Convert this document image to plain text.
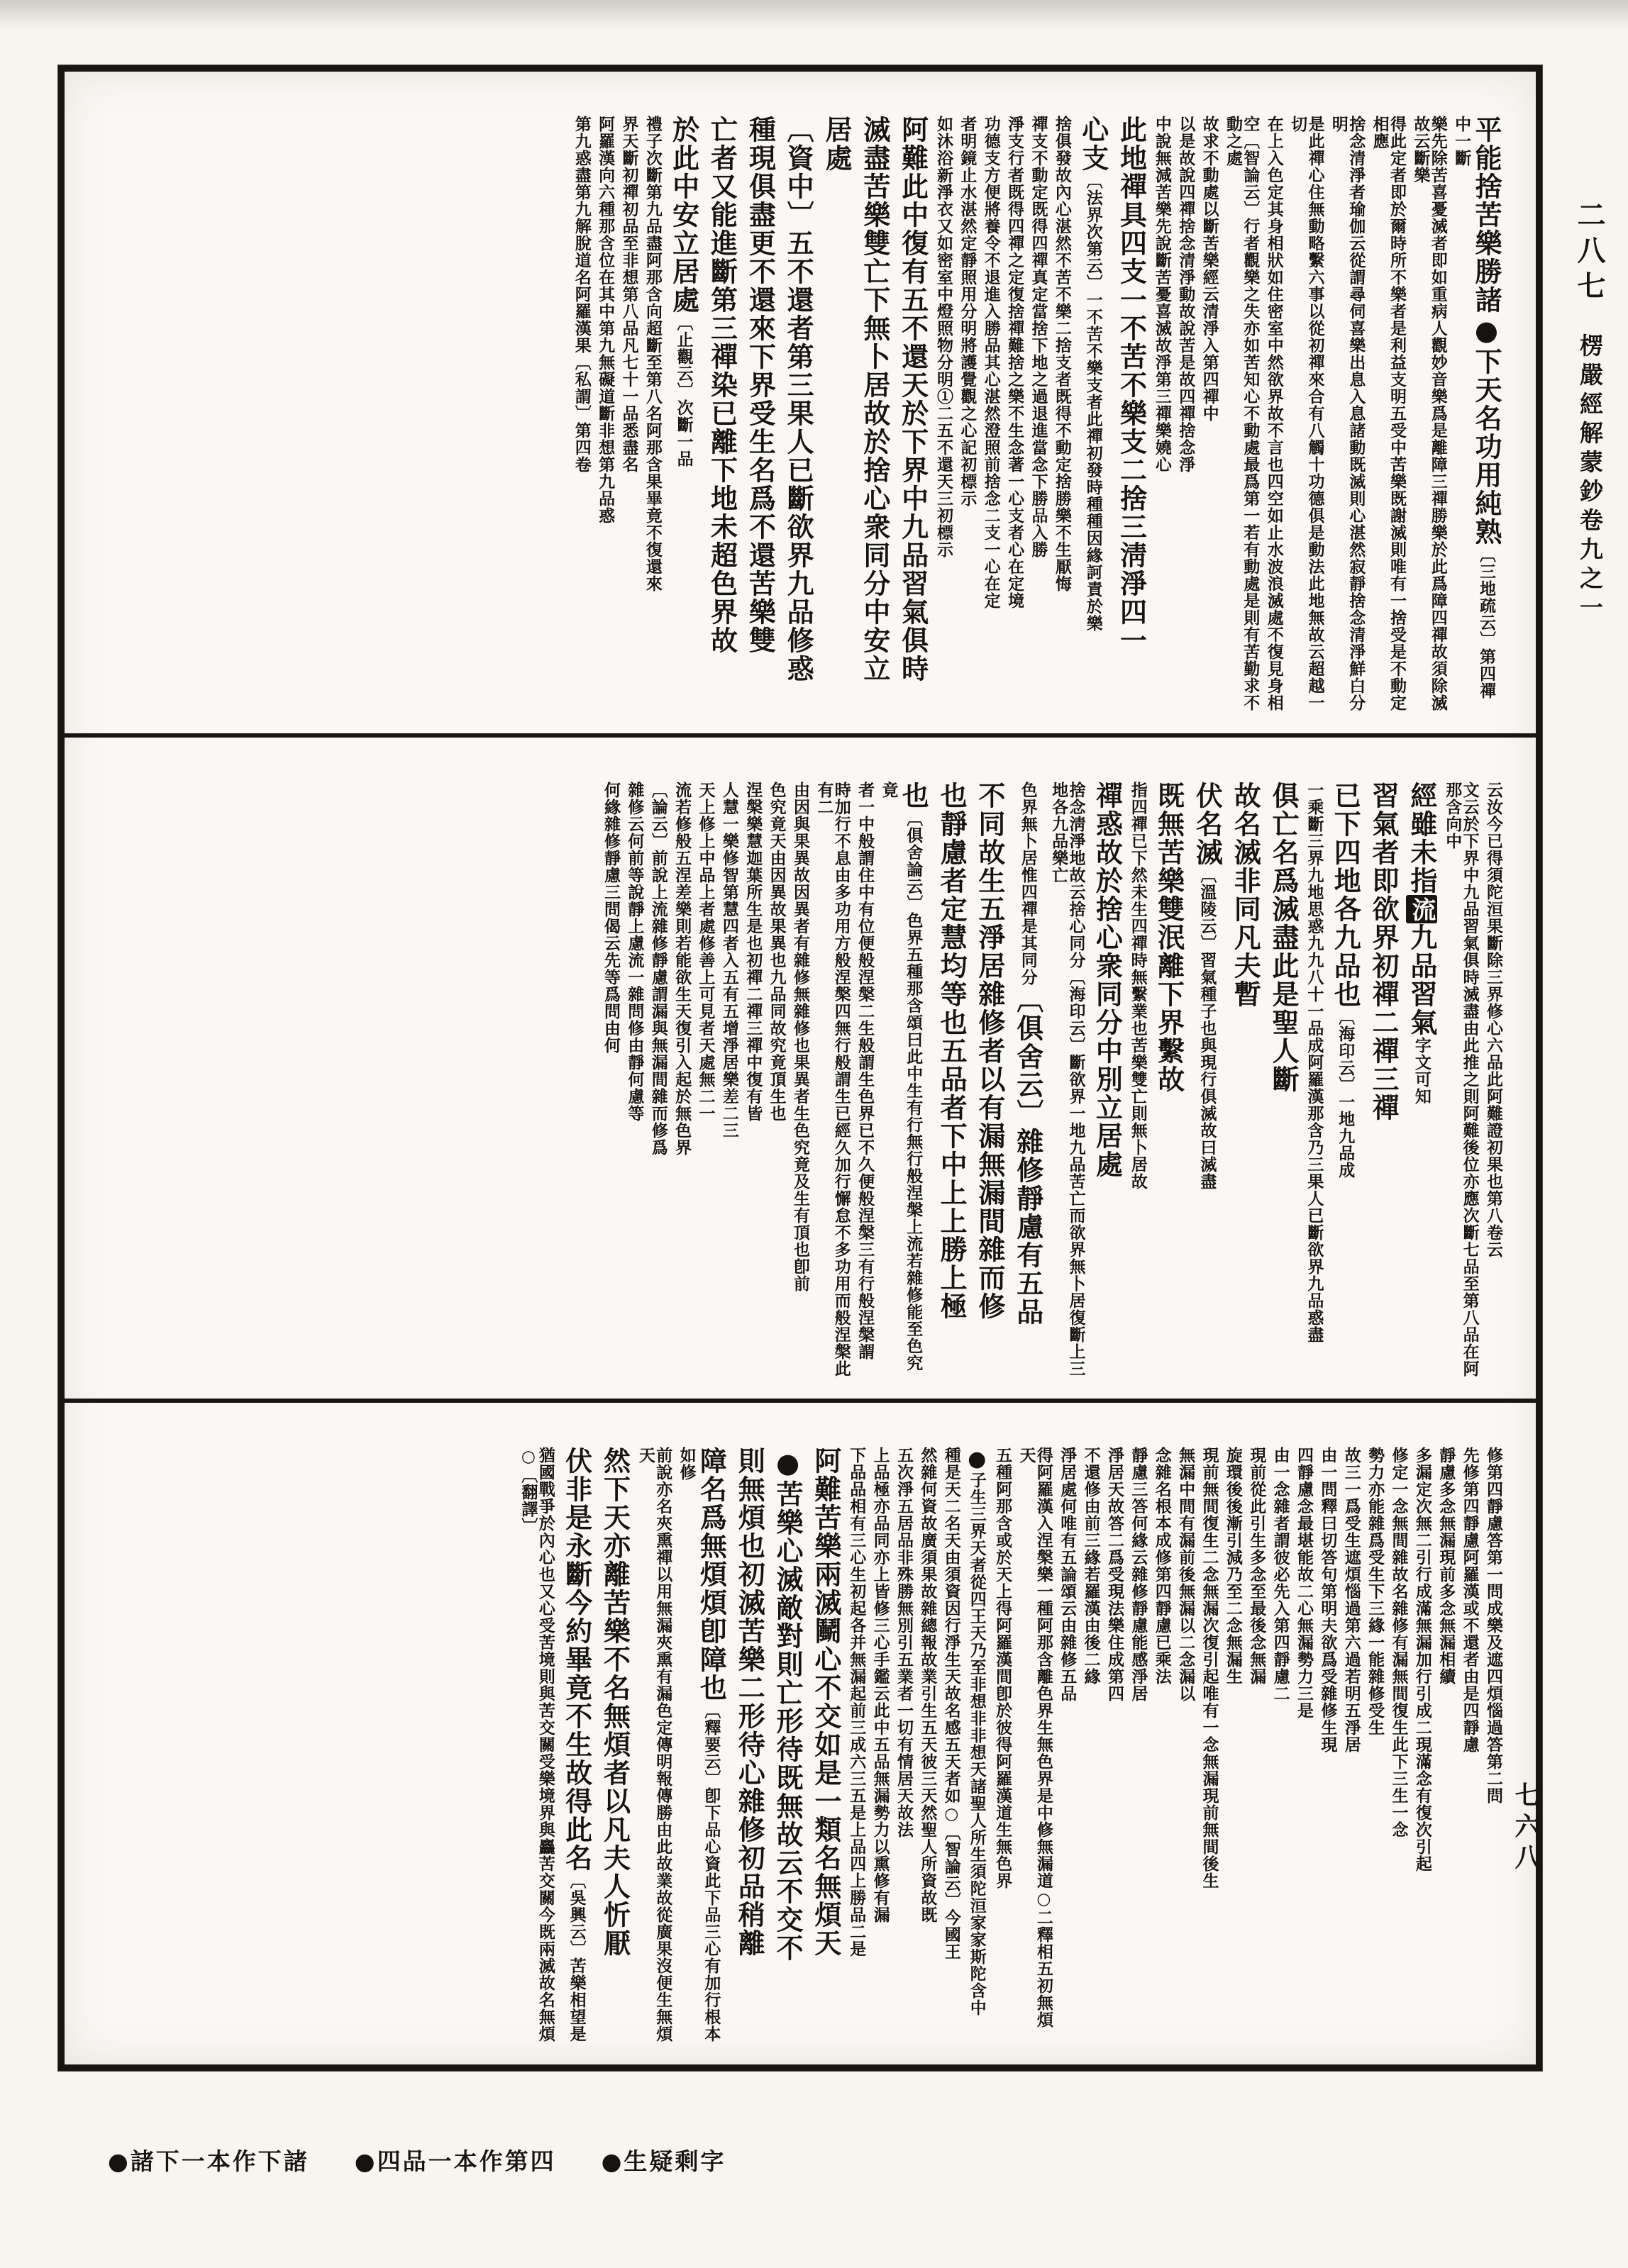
平能捨苦樂勝諸●下天名功用純熟〔三地疏云〕第四禪中一斷
樂先除苦喜憂滅者即如重病人觀妙音樂爲是離障三禪勝樂於此爲障四禪故須除滅故云斷樂
得此定者即於爾時所不樂者是利益支明五受中苦樂既謝滅則唯有一捨受是不動定相應
捨念清淨者瑜伽云從謂尋伺喜樂出息入息諸動既滅則心湛然寂靜捨念清淨鮮白分明
是此禪心住無動略繫六事以從初禪來合有八觸十功德俱是動法此地無故云超越一切
在上入色定其身相狀如住密室中然欲界故不言也四空如止水波浪滅處不復見身相
空〔智論云〕行者觀樂之失亦如苦知心不動處最爲第一若有動處是則有苦勤求不動之處
故求不動處以斷苦樂經云清淨入第四禪中
以是故說四禪捨念清淨動故說苦是故四禪捨念淨
中說無減苦樂先說斷苦憂喜滅故淨第三禪樂嬈心
此地禪具四支一不苦不樂支二捨三淸淨四一
心支〔法界次第云〕一不苦不樂支者此禪初發時種種因緣訶責於樂
捨俱發故內心湛然不苦不樂二捨支者既得不動定捨勝樂不生厭悔
禪支不動定既得四禪真定當捨下地之過退進當念下勝品入勝
淨支行者既得四禪之定復捨禪難捨之樂不生念著一心支者心在定境
功德支方便將養令不退進入勝品其心湛然澄照前捨念二支一心在定
者明鏡止水湛然定靜照用分明將護覺觀之心記初標示
如沐浴新淨衣又如密室中燈照物分明①二五不還天三初標示
阿難此中復有五不還天於下界中九品習氣俱時
滅盡苦樂雙亡下無卜居故於捨心衆同分中安立
居處
〔資中〕五不還者第三果人已斷欲界九品修惑
種現俱盡更不還來下界受生名爲不還苦樂雙
亡者又能進斷第三禪染已離下地未超色界故
於此中安立居處〔止觀云〕次斷一品
禮子次斷第九品盡阿那含向超斷至第八名阿那含果畢竟不復還來
界天斷初禪初品至非想第八品凡七十一品悉盡名
阿羅漢向六種那含位在其中第九無礙道斷非想第九品惑
第九惑盡第九解脫道名阿羅漢果〔私謂〕第四卷
云汝今已得須陀洹果斷除三界修心六品此阿難證初果也第八卷云
文云於下界中九品習氣俱時滅盡由此推之則阿難後位亦應次斷七品至第八品在阿那含向中
經雖未指流九品習氣字文可知
習氣者即欲界初禪二禪三禪
已下四地各九品也〔海印云〕一地九品成
一乘斷三界九地思惑九九八十一品成阿羅漢那含乃三果人已斷欲界九品惑盡
俱亡名爲滅盡此是聖人斷
故名滅非同凡夫暫
伏名滅〔溫陵云〕習氣種子也與現行俱滅故曰滅盡
既無苦樂雙泯離下界繫故
指四禪已下然未生四禪時無繫業也苦樂雙亡則無卜居故
禪惑故於捨心衆同分中別立居處
捨念淸淨地故云捨心同分〔海印云〕斷欲界一地九品苦亡而欲界無卜居復斷上三地各九品樂亡
色界無卜居惟四禪是其同分〔俱舍云〕雜修靜慮有五品
不同故生五淨居雜修者以有漏無漏間雜而修
也靜慮者定慧均等也五品者下中上上勝上極
也〔俱舍論云〕色界五種那含頌曰此中生有行無行般涅槃上流若雜修能至色究竟
者一中般謂住中有位便般涅槃二生般謂生色界已不久便般涅槃三有行般涅槃謂
時加行不息由多功用方般涅槃四無行般謂生已經久加行懈怠不多功用而般涅槃此有二
由因與果異故因異者有雜修無雜修也果異者生色究竟及生有頂也卽前
色究竟天由因異故果異也九品同故究竟頂生也
涅槃樂慧迦葉所生是也初禪二禪三禪中復有皆
人慧一樂修智第慧四者入五有五增淨居樂差二三
天上修上中品上者處修善上可見者天處無二一
流若修般五涅差樂則若能欲生天復引入起於無色界
〔論云〕前說上流雜修靜慮謂漏與無漏間雜而修爲
雜修云何前等說靜上慮流一雜問修由靜何慮等
何緣雜修靜慮三問偈云先等爲問由何
修第四靜慮答第一問成樂及遮四煩惱過答第二問
先修第四靜慮阿羅漢或不還者由是四靜慮
靜慮多念無漏現前多念無漏相續
多漏定次無二引行成滿無漏加行引成二現滿念有復次引起
修定一念無間雜故名雜修有漏無間復生此下三生一念
勢力亦能雜爲受生下三緣一能雜修受生
故三一爲受生遮煩惱過第六過若明五淨居
由一問釋曰切答句第明夫欲爲受雜修生現
四靜慮念最堪能故二心無漏勢力三是
由一念雜者謂彼必先入第四靜慮二
現前從此引生多念至最後念無漏
旋環後後漸引減乃至二念無漏生
現前無間復生二念無漏次復引起唯有一念無漏現前無間後生
無漏中間有漏前後無漏以二念漏以
念雜名根本成修第四靜慮已乘法
靜慮三答何緣云雜修靜慮能感淨居
淨居天故答二爲受現法樂住成第四
不還修由前三緣若羅漢由後二緣
淨居處何唯有五論頌云由雜修五品
得阿羅漢入涅槃樂一種阿那含離色界生無色界是中修無漏道○二釋相五初無煩天
五種阿那含或於天上得阿羅漢間卽於彼得阿羅漢道生無色界
●子生三界天者從四王天乃至非想非非想天諸聖人所生須陀洹家家斯陀含中
種是天二名天由須資因行淨生天故名感五天者如○〔智論云〕今國王
然雜何資故廣須果故雜總報故業引生五天彼三天然聖人所資故既
五次淨五居品非殊勝無別引五業者一切有情居天故法
上品極亦品同亦上皆修三心手鑑云此中五品無漏勢力以熏修有漏
下品品相有三心生初起各并無漏起前三成六三五是上品四上勝品二是
阿難苦樂兩滅鬭心不交如是一類名無煩天
●苦樂心滅敵對則亡形待既無故云不交不
則無煩也初滅苦樂二形待心雜修初品稍離
障名爲無煩煩卽障也〔釋要云〕卽下品心資此下品三心有加行根本如修
前說亦名夾熏禪以用無漏夾熏有漏色定傳明報傳勝由此故業故從廣果沒便生無煩天
然下天亦離苦樂不名無煩者以凡夫人忻厭
伏非是永斷今約畢竟不生故得此名〔吳興云〕苦樂相望是
猶國戰爭於內心也又心受苦境則與苦交關受樂境界與麤苦交關今既兩滅故名無煩○〔翻譯〕
二八七
楞嚴經解蒙鈔卷九之一
七六八
●諸下一本作下諸 ●四品一本作第四 ●生疑剩字
